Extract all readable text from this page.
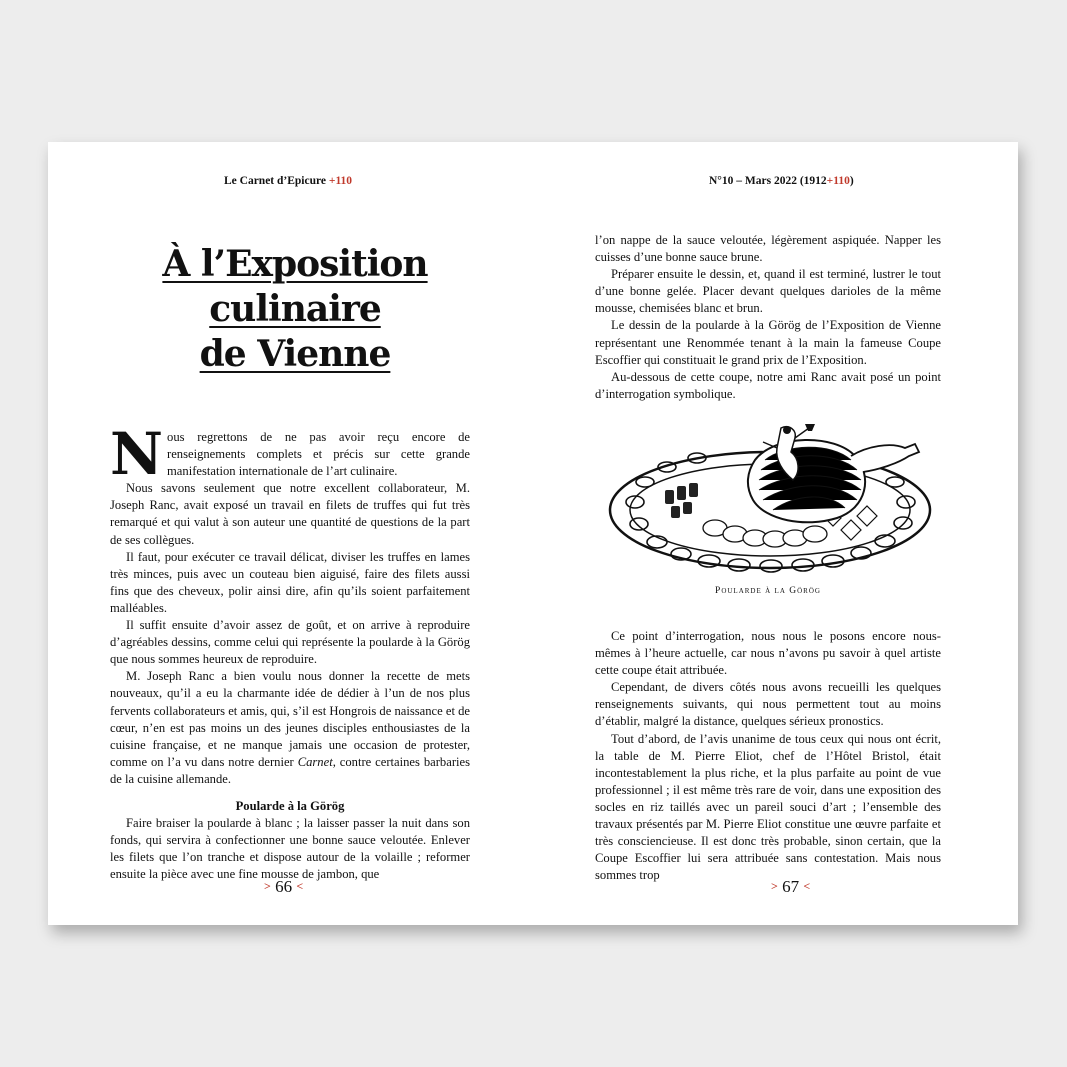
Le Carnet d’Epicure +110
À l’Exposition
culinaire
de Vienne

Nous regrettons de ne pas avoir reçu encore de renseignements complets et précis sur cette grande manifestation internationale de l’art culinaire.

Nous savons seulement que notre excellent collaborateur, M. Joseph Ranc, avait exposé un travail en filets de truffes qui fut très remarqué et qui valut à son auteur une quantité de questions de la part de ses collègues.

Il faut, pour exécuter ce travail délicat, diviser les truffes en lames très minces, puis avec un couteau bien aiguisé, faire des filets aussi fins que des cheveux, polir ainsi dire, afin qu’ils soient parfaitement malléables.

Il suffit ensuite d’avoir assez de goût, et on arrive à reproduire d’agréables dessins, comme celui qui représente la poularde à la Görög que nous sommes heureux de reproduire.

M. Joseph Ranc a bien voulu nous donner la recette de mets nouveaux, qu’il a eu la charmante idée de dédier à l’un de nos plus fervents collaborateurs et amis, qui, s’il est Hongrois de naissance et de cœur, n’en est pas moins un des jeunes disciples enthousiastes de la cuisine française, et ne manque jamais une occasion de protester, comme on l’a vu dans notre dernier Carnet, contre certaines barbaries de la cuisine allemande.

Poularde à la Görög

Faire braiser la poularde à blanc ; la laisser passer la nuit dans son fonds, qui servira à confectionner une bonne sauce veloutée. Enlever les filets que l’on tranche et dispose autour de la volaille ; reformer ensuite la pièce avec une fine mousse de jambon, que

> 66 <
N°10 – Mars 2022 (1912+110)

l’on nappe de la sauce veloutée, légèrement aspiquée. Napper les cuisses d’une bonne sauce brune.

Préparer ensuite le dessin, et, quand il est terminé, lustrer le tout d’une bonne gelée. Placer devant quelques darioles de la même mousse, chemisées blanc et brun.

Le dessin de la poularde à la Görög de l’Exposition de Vienne représentant une Renommée tenant à la main la fameuse Coupe Escoffier qui constituait le grand prix de l’Exposition.

Au-dessous de cette coupe, notre ami Ranc avait posé un point d’interrogation symbolique.

Poularde à la Görög

Ce point d’interrogation, nous nous le posons encore nous-mêmes à l’heure actuelle, car nous n’avons pu savoir à quel artiste cette coupe était attribuée.

Cependant, de divers côtés nous avons recueilli les quelques renseignements suivants, qui nous permettent tout au moins d’établir, malgré la distance, quelques sérieux pronostics.

Tout d’abord, de l’avis unanime de tous ceux qui nous ont écrit, la table de M. Pierre Eliot, chef de l’Hôtel Bristol, était incontestablement la plus riche, et la plus parfaite au point de vue professionnel ; il est même très rare de voir, dans une exposition des socles en riz taillés avec un pareil souci d’art ; l’ensemble des travaux présentés par M. Pierre Eliot constitue une œuvre parfaite et très consciencieuse. Il est donc très probable, sinon certain, que la Coupe Escoffier lui sera attribuée sans contestation. Mais nous sommes trop

> 67 <
